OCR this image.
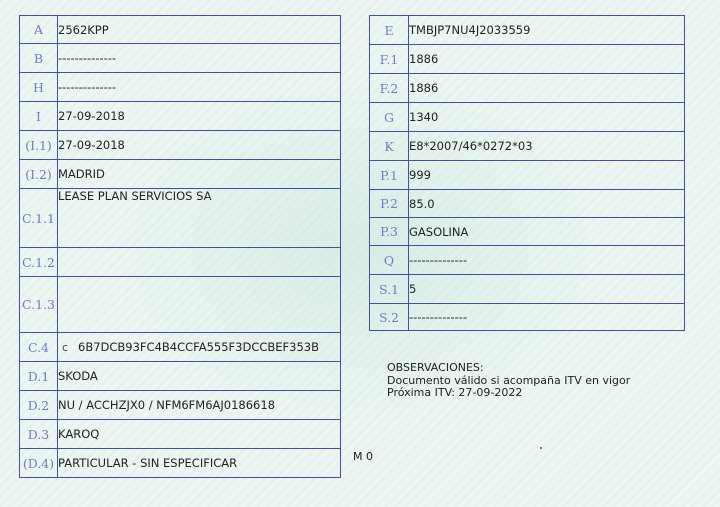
A	2562KPP
B	--------------
H	--------------
I	27-09-2018
(I.1)	27-09-2018
(I.2)	MADRID
C.1.1	LEASE PLAN SERVICIOS SA
C.1.2	
C.1.3	
C.4	c 6B7DCB93FC4B4CCFA555F3DCCBEF353B
D.1	SKODA
D.2	NU / ACCHZJX0 / NFM6FM6AJ0186618
D.3	KAROQ
(D.4)	PARTICULAR - SIN ESPECIFICAR
E	TMBJP7NU4J2033559
F.1	1886
F.2	1886
G	1340
K	E8*2007/46*0272*03
P.1	999
P.2	85.0
P.3	GASOLINA
Q	--------------
S.1	5
S.2	--------------
OBSERVACIONES:
Documento válido si acompaña ITV en vigor
Próxima ITV: 27-09-2022
M 0
